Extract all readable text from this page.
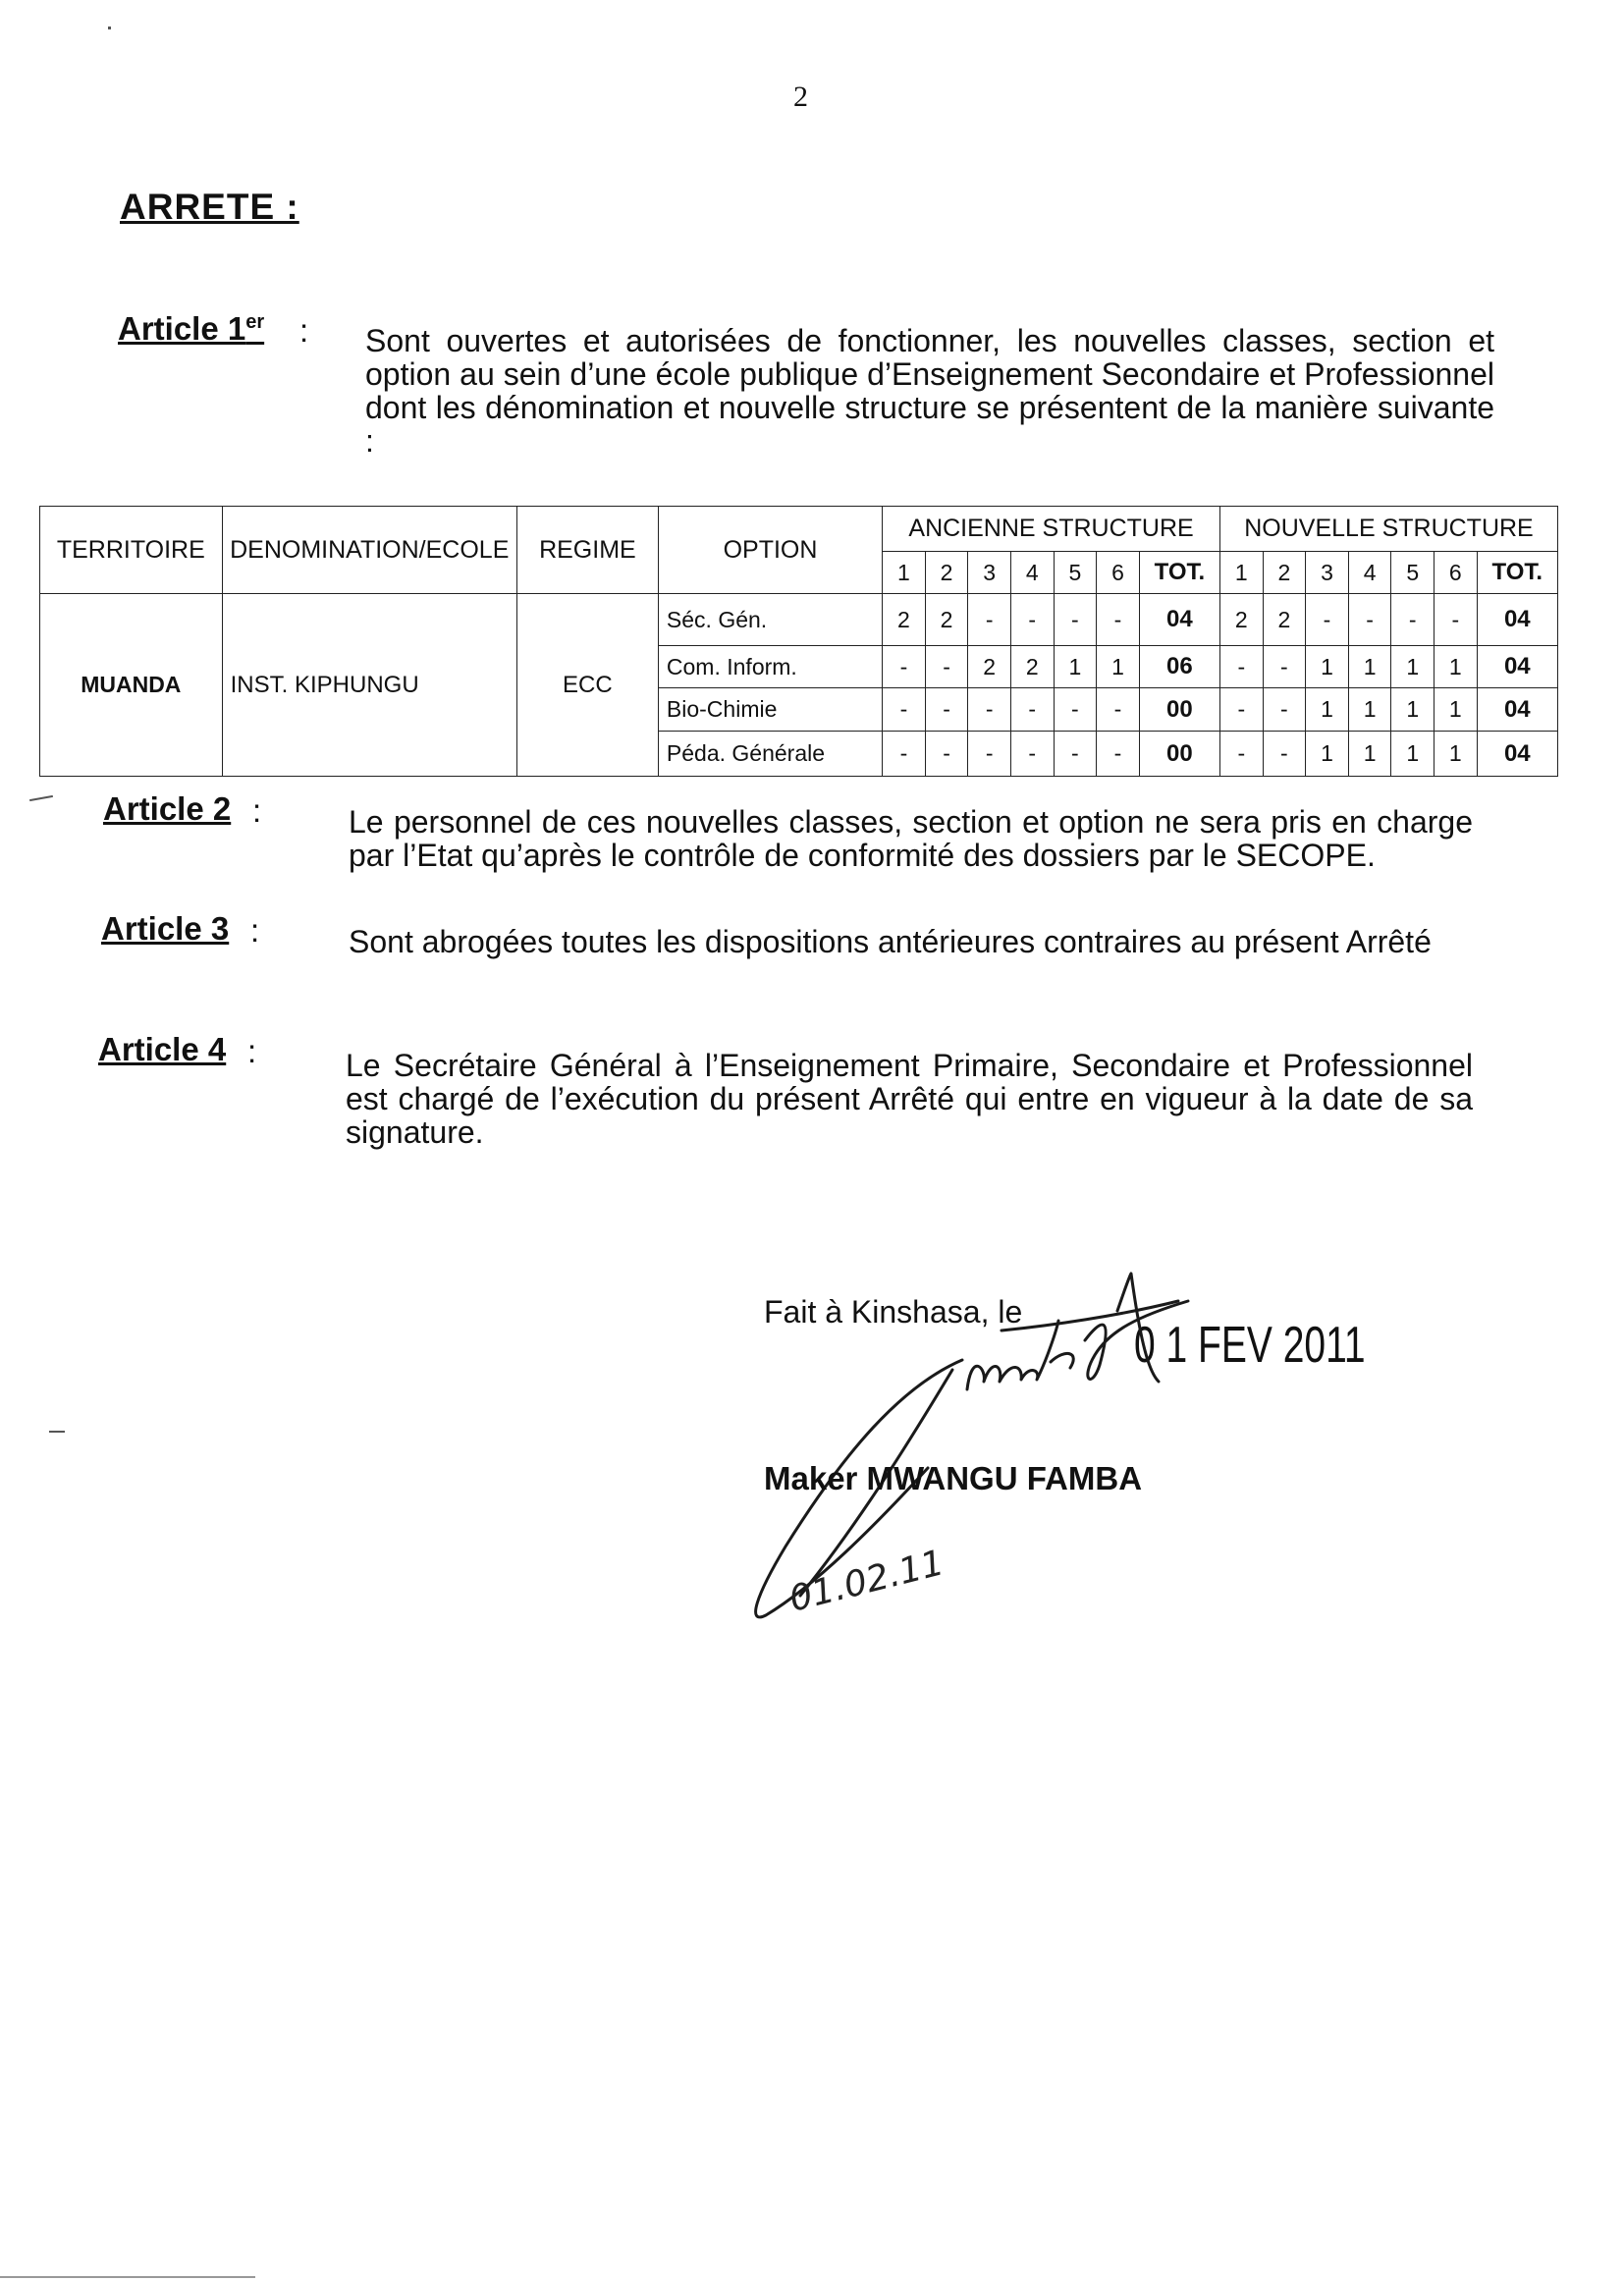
2
ARRETE :
Article 1er : Sont ouvertes et autorisées de fonctionner, les nouvelles classes, section et option au sein d’une école publique d’Enseignement Secondaire et Professionnel dont les dénomination et nouvelle structure se présentent de la manière suivante :
TERRITOIRE	DENOMINATION/ECOLE	REGIME	OPTION	ANCIENNE STRUCTURE							NOUVELLE STRUCTURE						
				1	2	3	4	5	6	TOT.	1	2	3	4	5	6	TOT.
MUANDA	INST. KIPHUNGU	ECC	Séc. Gén.	2	2	-	-	-	-	04	2	2	-	-	-	-	04
			Com. Inform.	-	-	2	2	1	1	06	-	-	1	1	1	1	04
			Bio-Chimie	-	-	-	-	-	-	00	-	-	1	1	1	1	04
			Péda. Générale	-	-	-	-	-	-	00	-	-	1	1	1	1	04
Article 2 :	Le personnel de ces nouvelles classes, section et option ne sera pris en charge par l’Etat qu’après le contrôle de conformité des dossiers par le SECOPE.
Article 3 :	Sont abrogées toutes les dispositions antérieures contraires au présent Arrêté
Article 4 :	Le Secrétaire Général à l’Enseignement Primaire, Secondaire et Professionnel est chargé de l’exécution du présent Arrêté qui entre en vigueur à la date de sa signature.
Fait à Kinshasa, le
0 1 FEV 2011
Maker MWANGU FAMBA
01.02.11
